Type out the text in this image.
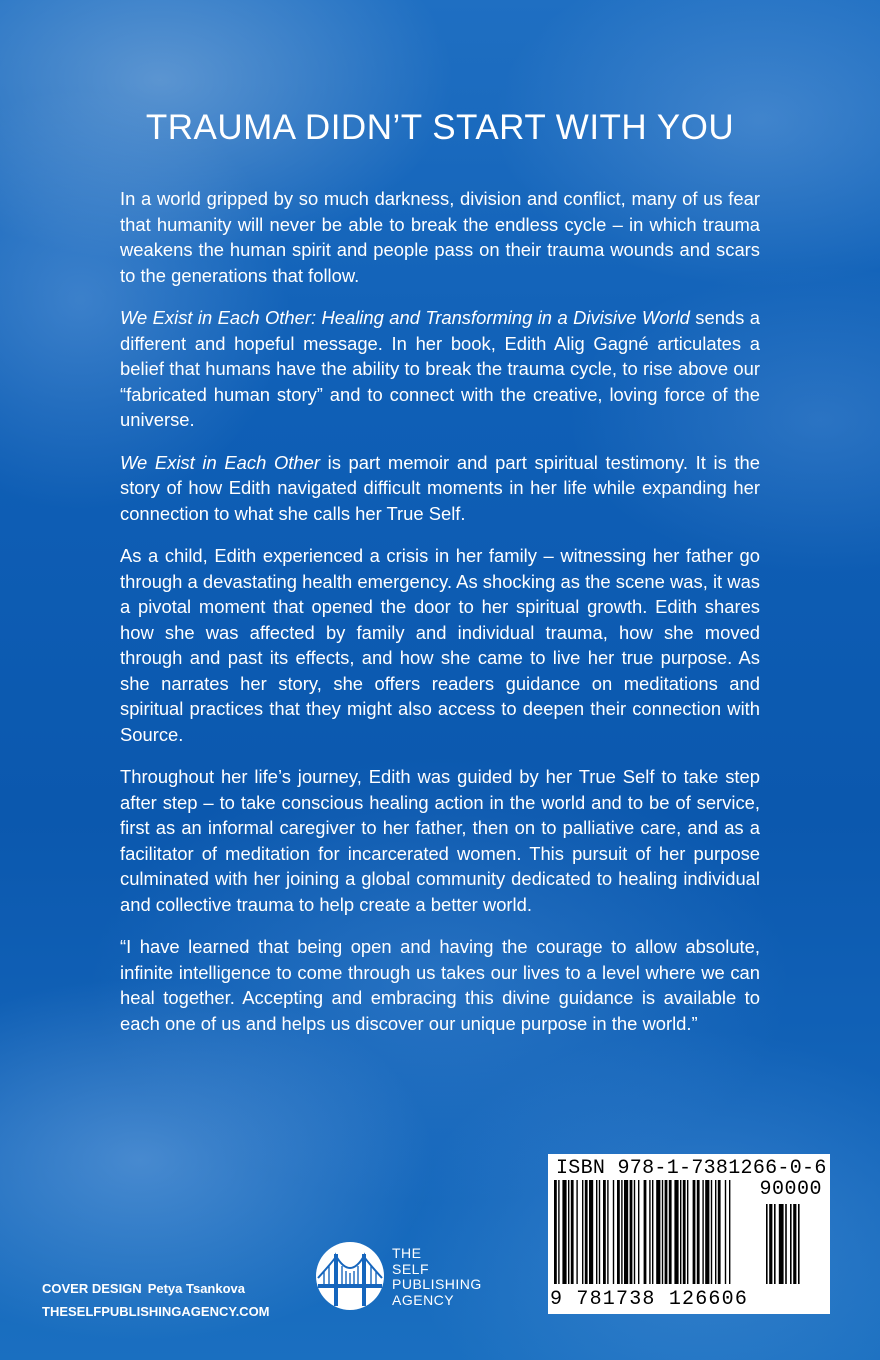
TRAUMA DIDN’T START WITH YOU

In a world gripped by so much darkness, division and conflict, many of us fear that humanity will never be able to break the endless cycle – in which trauma weakens the human spirit and people pass on their trauma wounds and scars to the generations that follow.

We Exist in Each Other: Healing and Transforming in a Divisive World sends a different and hopeful message. In her book, Edith Alig Gagné articulates a belief that humans have the ability to break the trauma cycle, to rise above our “fabricated human story” and to connect with the creative, loving force of the universe.

We Exist in Each Other is part memoir and part spiritual testimony. It is the story of how Edith navigated difficult moments in her life while expanding her connection to what she calls her True Self.

As a child, Edith experienced a crisis in her family – witnessing her father go through a devastating health emergency. As shocking as the scene was, it was a pivotal moment that opened the door to her spiritual growth. Edith shares how she was affected by family and individual trauma, how she moved through and past its effects, and how she came to live her true purpose. As she narrates her story, she offers readers guidance on meditations and spiritual practices that they might also access to deepen their connection with Source.

Throughout her life’s journey, Edith was guided by her True Self to take step after step – to take conscious healing action in the world and to be of service, first as an informal caregiver to her father, then on to palliative care, and as a facilitator of meditation for incarcerated women. This pursuit of her purpose culminated with her joining a global community dedicated to healing individual and collective trauma to help create a better world.

“I have learned that being open and having the courage to allow absolute, infinite intelligence to come through us takes our lives to a level where we can heal together. Accepting and embracing this divine guidance is available to each one of us and helps us discover our unique purpose in the world.”

COVER DESIGN Petya Tsankova
THESELFPUBLISHINGAGENCY.COM
THE
SELF
PUBLISHING
AGENCY
ISBN 978-1-7381266-0-6
90000
9 781738 126606
